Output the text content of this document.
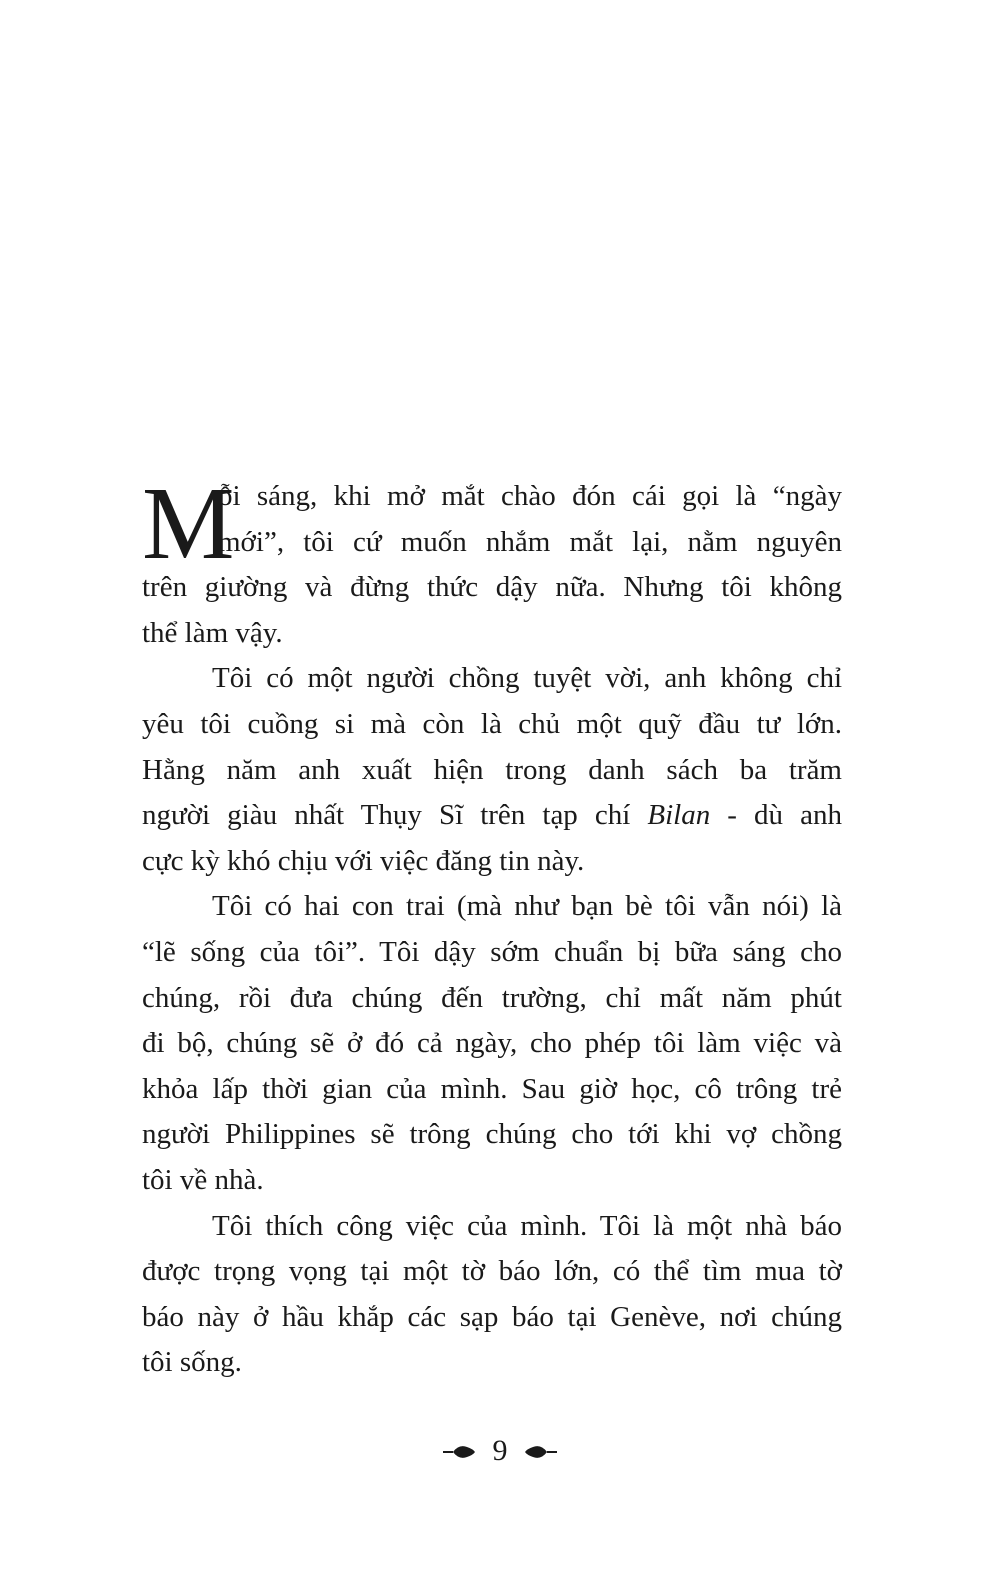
M
ỗi sáng, khi mở mắt chào đón cái gọi là “ngày
mới”, tôi cứ muốn nhắm mắt lại, nằm nguyên
trên giường và đừng thức dậy nữa. Nhưng tôi không
thể làm vậy.
Tôi có một người chồng tuyệt vời, anh không chỉ
yêu tôi cuồng si mà còn là chủ một quỹ đầu tư lớn.
Hằng năm anh xuất hiện trong danh sách ba trăm
người giàu nhất Thụy Sĩ trên tạp chí Bilan - dù anh
cực kỳ khó chịu với việc đăng tin này.
Tôi có hai con trai (mà như bạn bè tôi vẫn nói) là
“lẽ sống của tôi”. Tôi dậy sớm chuẩn bị bữa sáng cho
chúng, rồi đưa chúng đến trường, chỉ mất năm phút
đi bộ, chúng sẽ ở đó cả ngày, cho phép tôi làm việc và
khỏa lấp thời gian của mình. Sau giờ học, cô trông trẻ
người Philippines sẽ trông chúng cho tới khi vợ chồng
tôi về nhà.
Tôi thích công việc của mình. Tôi là một nhà báo
được trọng vọng tại một tờ báo lớn, có thể tìm mua tờ
báo này ở hầu khắp các sạp báo tại Genève, nơi chúng
tôi sống.
9
